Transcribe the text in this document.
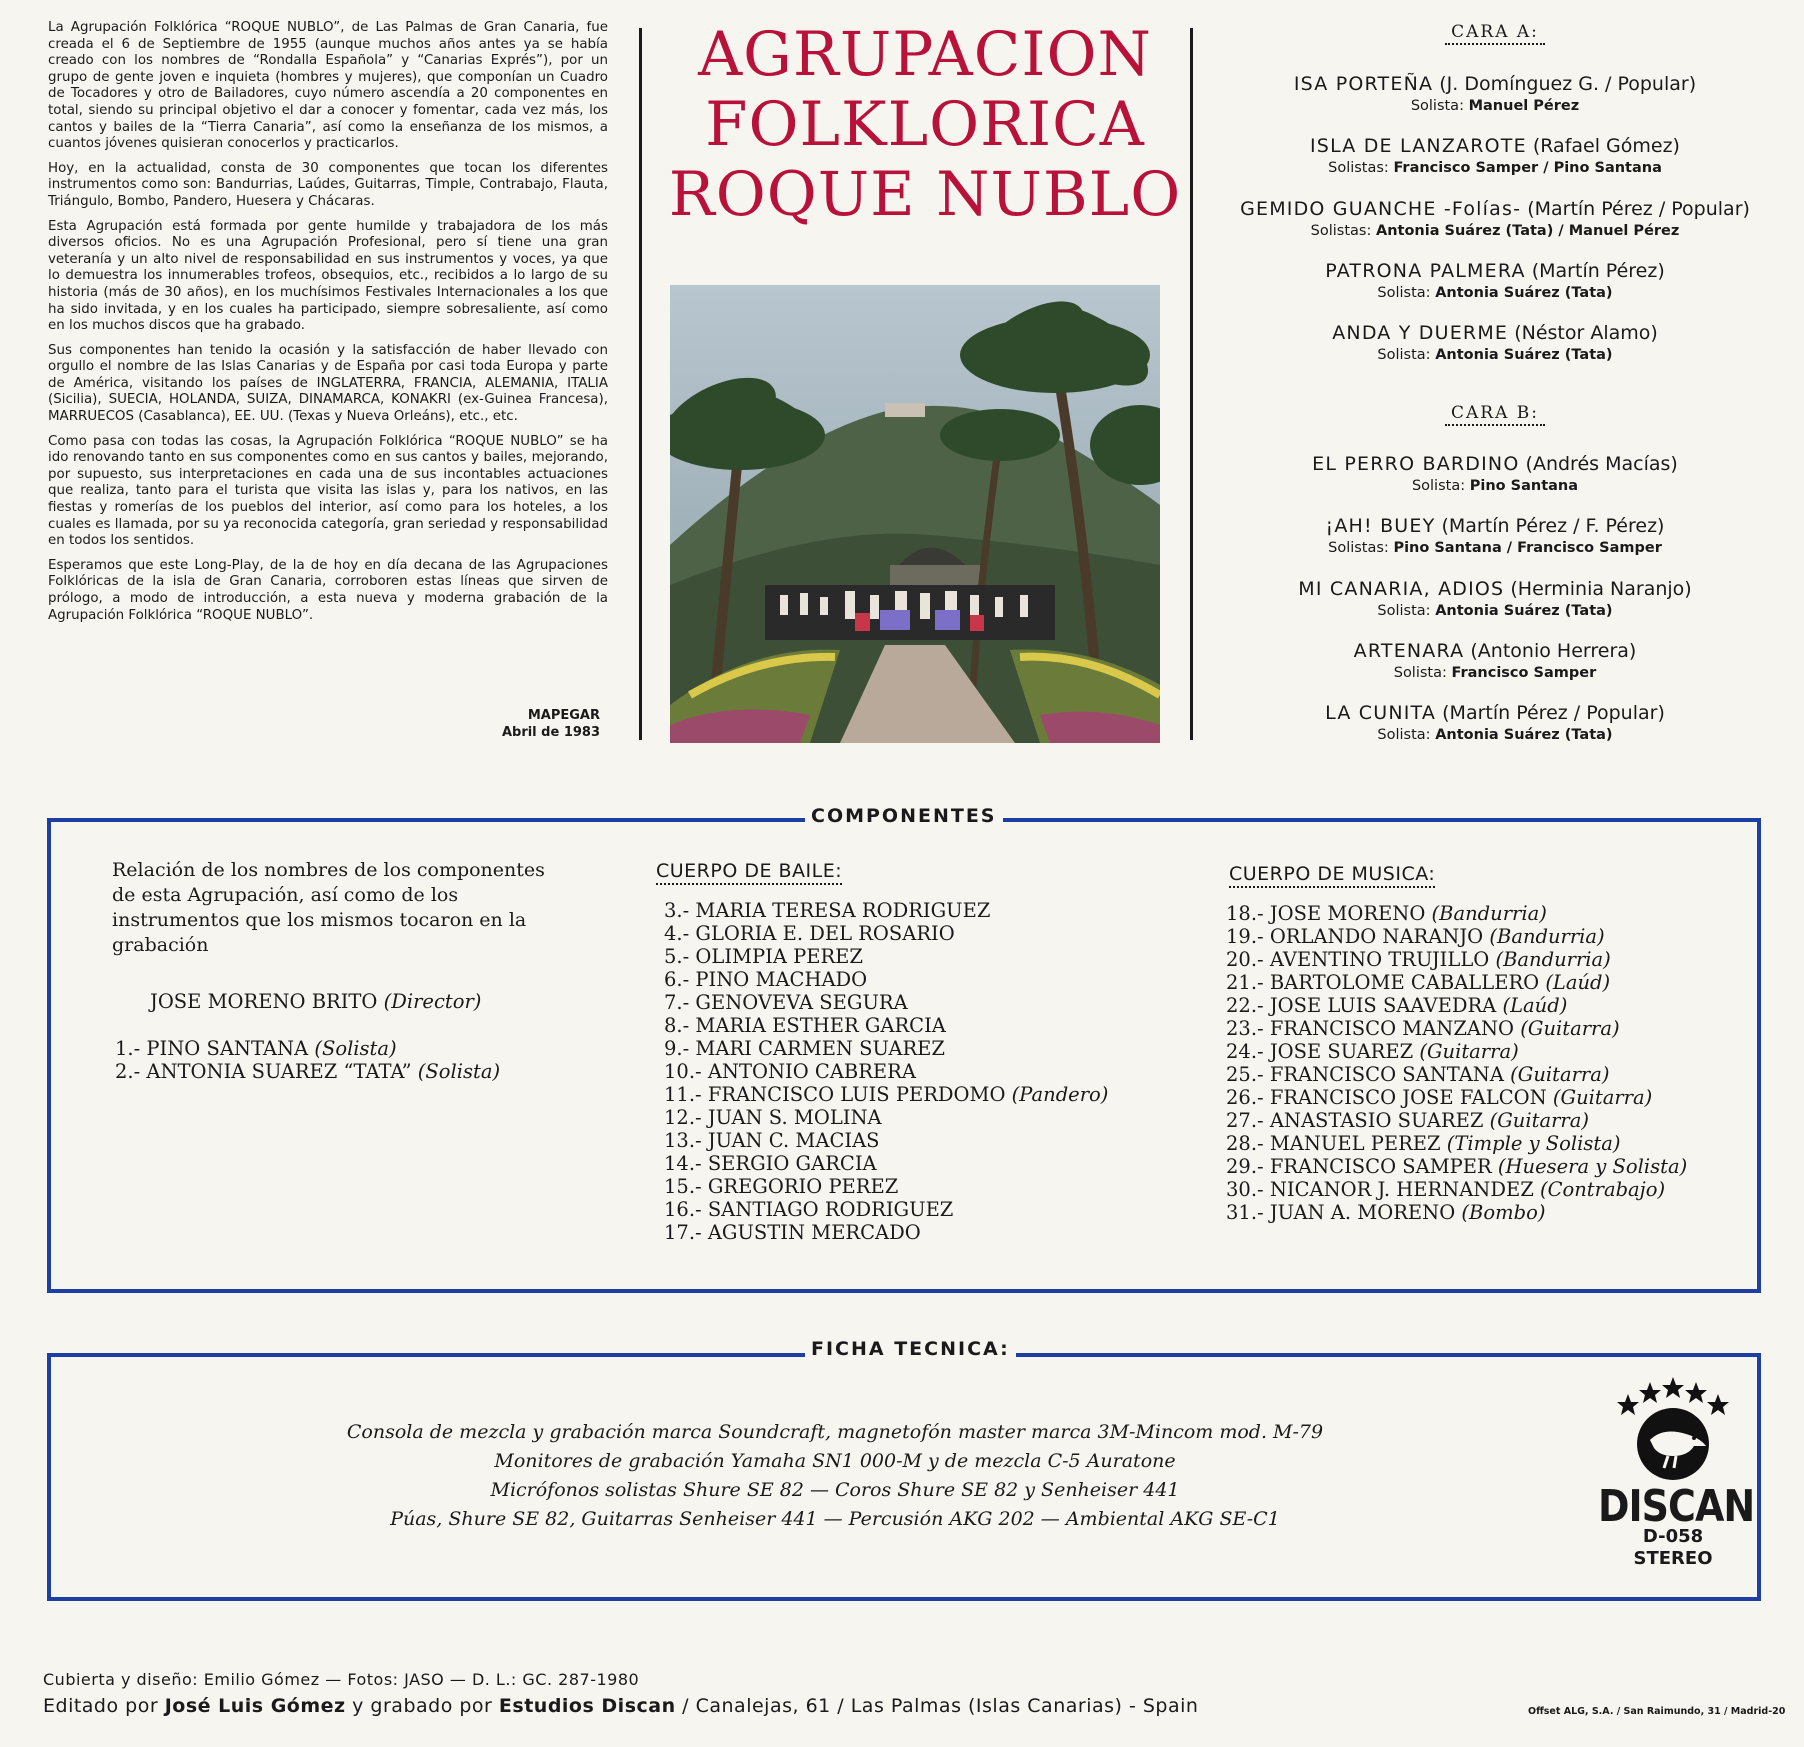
La Agrupación Folklórica “ROQUE NUBLO”, de Las Palmas de Gran Canaria, fue creada el 6 de Septiembre de 1955 (aunque muchos años antes ya se había creado con los nombres de “Rondalla Española” y “Canarias Exprés”), por un grupo de gente joven e inquieta (hombres y mujeres), que componían un Cuadro de Tocadores y otro de Bailadores, cuyo número ascendía a 20 componentes en total, siendo su principal objetivo el dar a conocer y fomentar, cada vez más, los cantos y bailes de la “Tierra Canaria”, así como la enseñanza de los mismos, a cuantos jóvenes quisieran conocerlos y practicarlos.

Hoy, en la actualidad, consta de 30 componentes que tocan los diferentes instrumentos como son: Bandurrias, Laúdes, Guitarras, Timple, Contrabajo, Flauta, Triángulo, Bombo, Pandero, Huesera y Chácaras.

Esta Agrupación está formada por gente humilde y trabajadora de los más diversos oficios. No es una Agrupación Profesional, pero sí tiene una gran veteranía y un alto nivel de responsabilidad en sus instrumentos y voces, ya que lo demuestra los innumerables trofeos, obsequios, etc., recibidos a lo largo de su historia (más de 30 años), en los muchísimos Festivales Internacionales a los que ha sido invitada, y en los cuales ha participado, siempre sobresaliente, así como en los muchos discos que ha grabado.

Sus componentes han tenido la ocasión y la satisfacción de haber llevado con orgullo el nombre de las Islas Canarias y de España por casi toda Europa y parte de América, visitando los países de INGLATERRA, FRANCIA, ALEMANIA, ITALIA (Sicilia), SUECIA, HOLANDA, SUIZA, DINAMARCA, KONAKRI (ex-Guinea Francesa), MARRUECOS (Casablanca), EE. UU. (Texas y Nueva Orleáns), etc., etc.

Como pasa con todas las cosas, la Agrupación Folklórica “ROQUE NUBLO” se ha ido renovando tanto en sus componentes como en sus cantos y bailes, mejorando, por supuesto, sus interpretaciones en cada una de sus incontables actuaciones que realiza, tanto para el turista que visita las islas y, para los nativos, en las fiestas y romerías de los pueblos del interior, así como para los hoteles, a los cuales es llamada, por su ya reconocida categoría, gran seriedad y responsabilidad en todos los sentidos.

Esperamos que este Long-Play, de la de hoy en día decana de las Agrupaciones Folklóricas de la isla de Gran Canaria, corroboren estas líneas que sirven de prólogo, a modo de introducción, a esta nueva y moderna grabación de la Agrupación Folklórica “ROQUE NUBLO”.

MAPEGAR
Abril de 1983
AGRUPACION
FOLKLORICA
ROQUE NUBLO
CARA A:
ISA PORTEÑA (J. Domínguez G. / Popular)
Solista: Manuel Pérez
ISLA DE LANZAROTE (Rafael Gómez)
Solistas: Francisco Samper / Pino Santana
GEMIDO GUANCHE -Folías- (Martín Pérez / Popular)
Solistas: Antonia Suárez (Tata) / Manuel Pérez
PATRONA PALMERA (Martín Pérez)
Solista: Antonia Suárez (Tata)
ANDA Y DUERME (Néstor Alamo)
Solista: Antonia Suárez (Tata)
CARA B:
EL PERRO BARDINO (Andrés Macías)
Solista: Pino Santana
¡AH! BUEY (Martín Pérez / F. Pérez)
Solistas: Pino Santana / Francisco Samper
MI CANARIA, ADIOS (Herminia Naranjo)
Solista: Antonia Suárez (Tata)
ARTENARA (Antonio Herrera)
Solista: Francisco Samper
LA CUNITA (Martín Pérez / Popular)
Solista: Antonia Suárez (Tata)
COMPONENTES
Relación de los nombres de los componentes de esta Agrupación, así como de los instrumentos que los mismos tocaron en la grabación
JOSE MORENO BRITO (Director)
1.- PINO SANTANA (Solista)
2.- ANTONIA SUAREZ “TATA” (Solista)
CUERPO DE BAILE:
3.- MARIA TERESA RODRIGUEZ
4.- GLORIA E. DEL ROSARIO
5.- OLIMPIA PEREZ
6.- PINO MACHADO
7.- GENOVEVA SEGURA
8.- MARIA ESTHER GARCIA
9.- MARI CARMEN SUAREZ
10.- ANTONIO CABRERA
11.- FRANCISCO LUIS PERDOMO (Pandero)
12.- JUAN S. MOLINA
13.- JUAN C. MACIAS
14.- SERGIO GARCIA
15.- GREGORIO PEREZ
16.- SANTIAGO RODRIGUEZ
17.- AGUSTIN MERCADO
CUERPO DE MUSICA:
18.- JOSE MORENO (Bandurria)
19.- ORLANDO NARANJO (Bandurria)
20.- AVENTINO TRUJILLO (Bandurria)
21.- BARTOLOME CABALLERO (Laúd)
22.- JOSE LUIS SAAVEDRA (Laúd)
23.- FRANCISCO MANZANO (Guitarra)
24.- JOSE SUAREZ (Guitarra)
25.- FRANCISCO SANTANA (Guitarra)
26.- FRANCISCO JOSE FALCON (Guitarra)
27.- ANASTASIO SUAREZ (Guitarra)
28.- MANUEL PEREZ (Timple y Solista)
29.- FRANCISCO SAMPER (Huesera y Solista)
30.- NICANOR J. HERNANDEZ (Contrabajo)
31.- JUAN A. MORENO (Bombo)
FICHA TECNICA:
Consola de mezcla y grabación marca Soundcraft, magnetofón master marca 3M-Mincom mod. M-79
Monitores de grabación Yamaha SN1 000-M y de mezcla C-5 Auratone
Micrófonos solistas Shure SE 82 — Coros Shure SE 82 y Senheiser 441
Púas, Shure SE 82, Guitarras Senheiser 441 — Percusión AKG 202 — Ambiental AKG SE-C1	DISCAN
D-058
STEREO
Cubierta y diseño: Emilio Gómez — Fotos: JASO — D. L.: GC. 287-1980
Editado por José Luis Gómez y grabado por Estudios Discan / Canalejas, 61 / Las Palmas (Islas Canarias) - Spain	Offset ALG, S.A. / San Raimundo, 31 / Madrid-20
